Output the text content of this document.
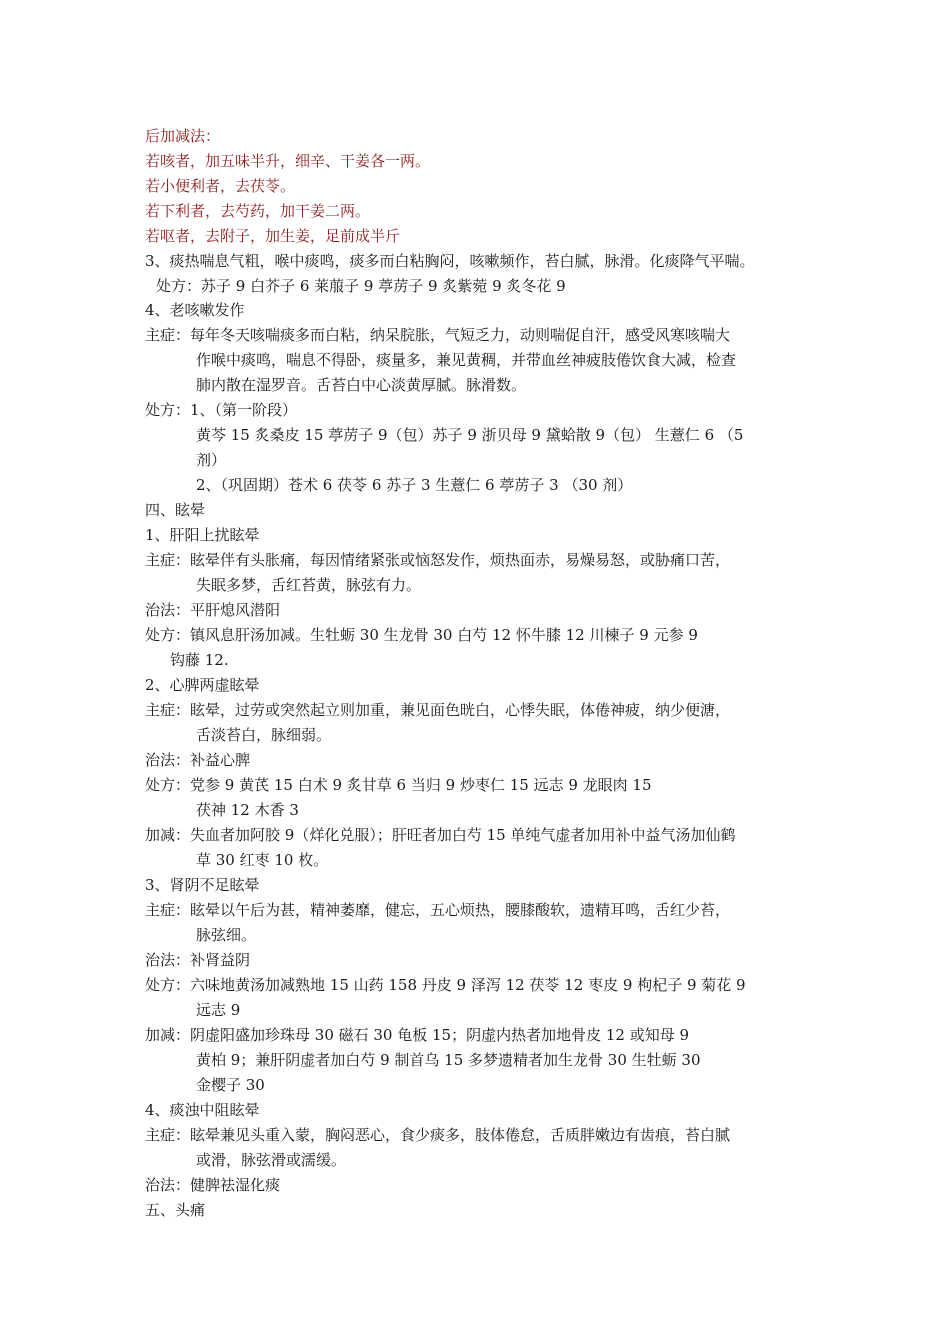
后加减法：
若咳者，加五味半升，细辛、干姜各一两。
若小便利者，去茯苓。
若下利者，去芍药，加干姜二两。
若呕者，去附子，加生姜，足前成半斤
3、痰热喘息气粗，喉中痰鸣，痰多而白粘胸闷，咳嗽频作，苔白腻，脉滑。化痰降气平喘。
处方：苏子 9 白芥子 6 莱菔子 9 葶苈子 9 炙紫菀 9 炙冬花 9
4、老咳嗽发作
主症：每年冬天咳喘痰多而白粘，纳呆脘胀，气短乏力，动则喘促自汗，感受风寒咳喘大
作喉中痰鸣，喘息不得卧，痰量多，兼见黄稠，并带血丝神疲肢倦饮食大减，检查
肺内散在湿罗音。舌苔白中心淡黄厚腻。脉滑数。
处方：1、（第一阶段）
黄芩 15 炙桑皮 15 葶苈子 9（包）苏子 9 浙贝母 9 黛蛤散 9（包） 生薏仁 6 （5
剂）
2、（巩固期）苍术 6 茯苓 6 苏子 3 生薏仁 6 葶苈子 3 （30 剂）
四、眩晕
1、肝阳上扰眩晕
主症：眩晕伴有头胀痛，每因情绪紧张或恼怒发作，烦热面赤，易燥易怒，或胁痛口苦，
失眠多梦，舌红苔黄，脉弦有力。
治法：平肝熄风潜阳
处方：镇风息肝汤加减。生牡蛎 30 生龙骨 30 白芍 12 怀牛膝 12 川楝子 9 元参 9
钩藤 12.
2、心脾两虚眩晕
主症：眩晕，过劳或突然起立则加重，兼见面色晄白，心悸失眠，体倦神疲，纳少便溏，
舌淡苔白，脉细弱。
治法：补益心脾
处方：党参 9 黄芪 15 白术 9 炙甘草 6 当归 9 炒枣仁 15 远志 9 龙眼肉 15
茯神 12 木香 3
加减：失血者加阿胶 9（烊化兑服）；肝旺者加白芍 15 单纯气虚者加用补中益气汤加仙鹤
草 30 红枣 10 枚。
3、肾阴不足眩晕
主症：眩晕以午后为甚，精神萎靡，健忘，五心烦热，腰膝酸软，遗精耳鸣，舌红少苔，
脉弦细。
治法：补肾益阴
处方：六味地黄汤加减熟地 15 山药 158 丹皮 9 泽泻 12 茯苓 12 枣皮 9 枸杞子 9 菊花 9
远志 9
加减：阴虚阳盛加珍珠母 30 磁石 30 龟板 15；阴虚内热者加地骨皮 12 或知母 9
黄柏 9；兼肝阴虚者加白芍 9 制首乌 15 多梦遗精者加生龙骨 30 生牡蛎 30
金樱子 30
4、痰浊中阻眩晕
主症：眩晕兼见头重入蒙，胸闷恶心，食少痰多，肢体倦怠，舌质胖嫩边有齿痕，苔白腻
或滑，脉弦滑或濡缓。
治法：健脾祛湿化痰
五、头痛
